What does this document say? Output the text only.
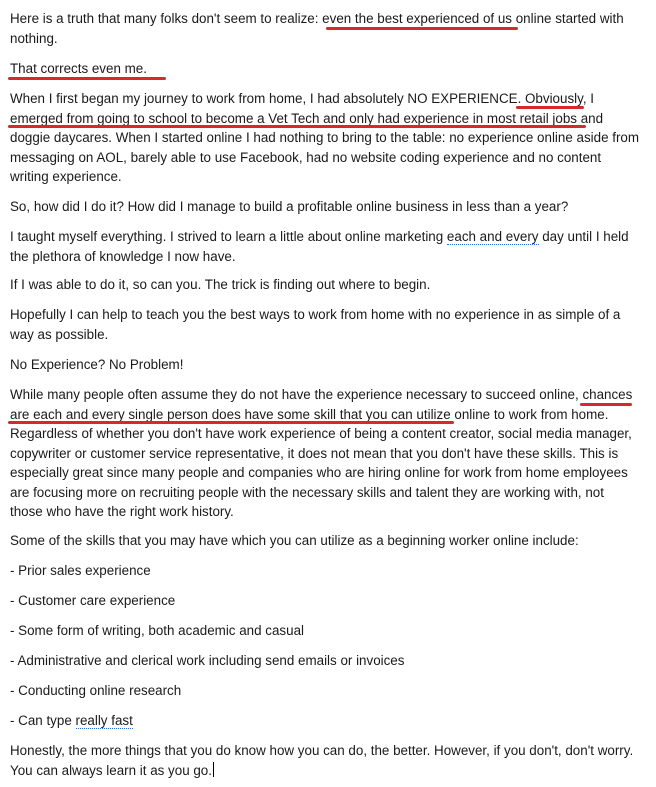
Here is a truth that many folks don't seem to realize: even the best experienced of us online started with nothing.

That corrects even me.

When I first began my journey to work from home, I had absolutely NO EXPERIENCE. Obviously, I emerged from going to school to become a Vet Tech and only had experience in most retail jobs and doggie daycares. When I started online I had nothing to bring to the table: no experience online aside from messaging on AOL, barely able to use Facebook, had no website coding experience and no content writing experience.

So, how did I do it? How did I manage to build a profitable online business in less than a year?

I taught myself everything. I strived to learn a little about online marketing each and every day until I held the plethora of knowledge I now have.

If I was able to do it, so can you. The trick is finding out where to begin.

Hopefully I can help to teach you the best ways to work from home with no experience in as simple of a way as possible.

No Experience? No Problem!

While many people often assume they do not have the experience necessary to succeed online, chances are each and every single person does have some skill that you can utilize online to work from home. Regardless of whether you don't have work experience of being a content creator, social media manager, copywriter or customer service representative, it does not mean that you don't have these skills. This is especially great since many people and companies who are hiring online for work from home employees are focusing more on recruiting people with the necessary skills and talent they are working with, not those who have the right work history.

Some of the skills that you may have which you can utilize as a beginning worker online include:

- Prior sales experience

- Customer care experience

- Some form of writing, both academic and casual

- Administrative and clerical work including send emails or invoices

- Conducting online research

- Can type really fast

Honestly, the more things that you do know how you can do, the better. However, if you don't, don't worry. You can always learn it as you go.
